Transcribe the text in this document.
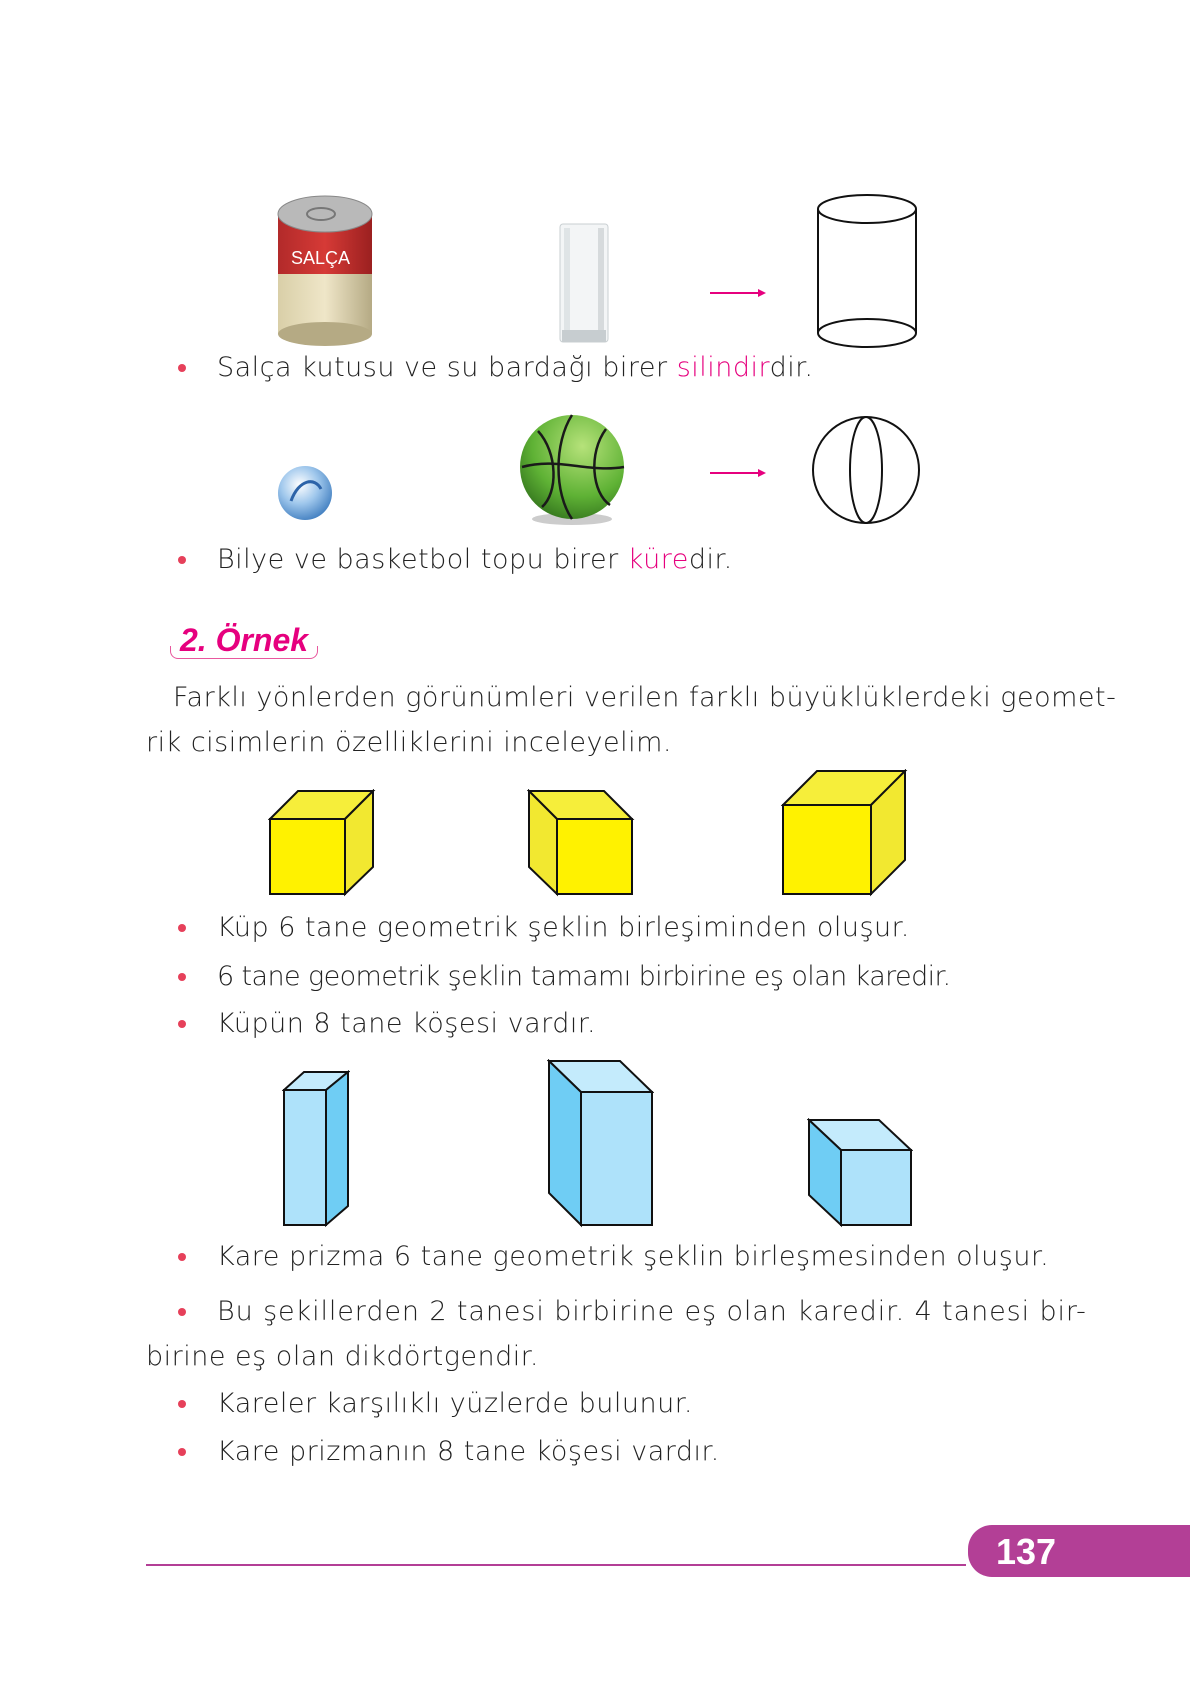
SALÇA
Salça kutusu ve su bardağı birer silindirdir.
Bilye ve basketbol topu birer küredir.
2. Örnek
Farklı yönlerden görünümleri verilen farklı büyüklüklerdeki geomet-
rik cisimlerin özelliklerini inceleyelim.
Küp 6 tane geometrik şeklin birleşiminden oluşur.
6 tane geometrik şeklin tamamı birbirine eş olan karedir.
Küpün 8 tane köşesi vardır.
Kare prizma 6 tane geometrik şeklin birleşmesinden oluşur.
Bu şekillerden 2 tanesi birbirine eş olan karedir. 4 tanesi bir-
birine eş olan dikdörtgendir.
Kareler karşılıklı yüzlerde bulunur.
Kare prizmanın 8 tane köşesi vardır.
137
